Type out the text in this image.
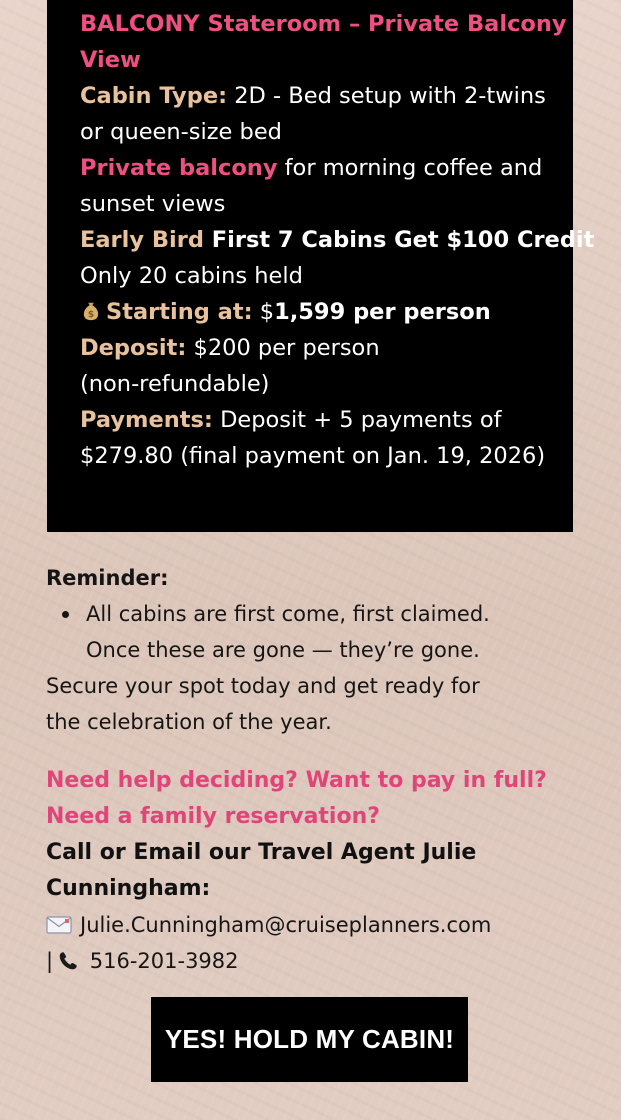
BALCONY Stateroom – Private Balcony
View
Cabin Type: 2D - Bed setup with 2-twins
or queen-size bed
Private balcony for morning coffee and
sunset views
Early Bird First 7 Cabins Get $100 Credit
Only 20 cabins held
$ Starting at: $1,599 per person
Deposit: $200 per person
(non-refundable)
Payments: Deposit + 5 payments of
$279.80 (final payment on Jan. 19, 2026)
Reminder:
All cabins are first come, first claimed.
Once these are gone — they’re gone.
Secure your spot today and get ready for
the celebration of the year.
Need help deciding? Want to pay in full?
Need a family reservation?
Call or Email our Travel Agent Julie
Cunningham:
Julie.Cunningham@cruiseplanners.com
|
516-201-3982
YES! HOLD MY CABIN!
